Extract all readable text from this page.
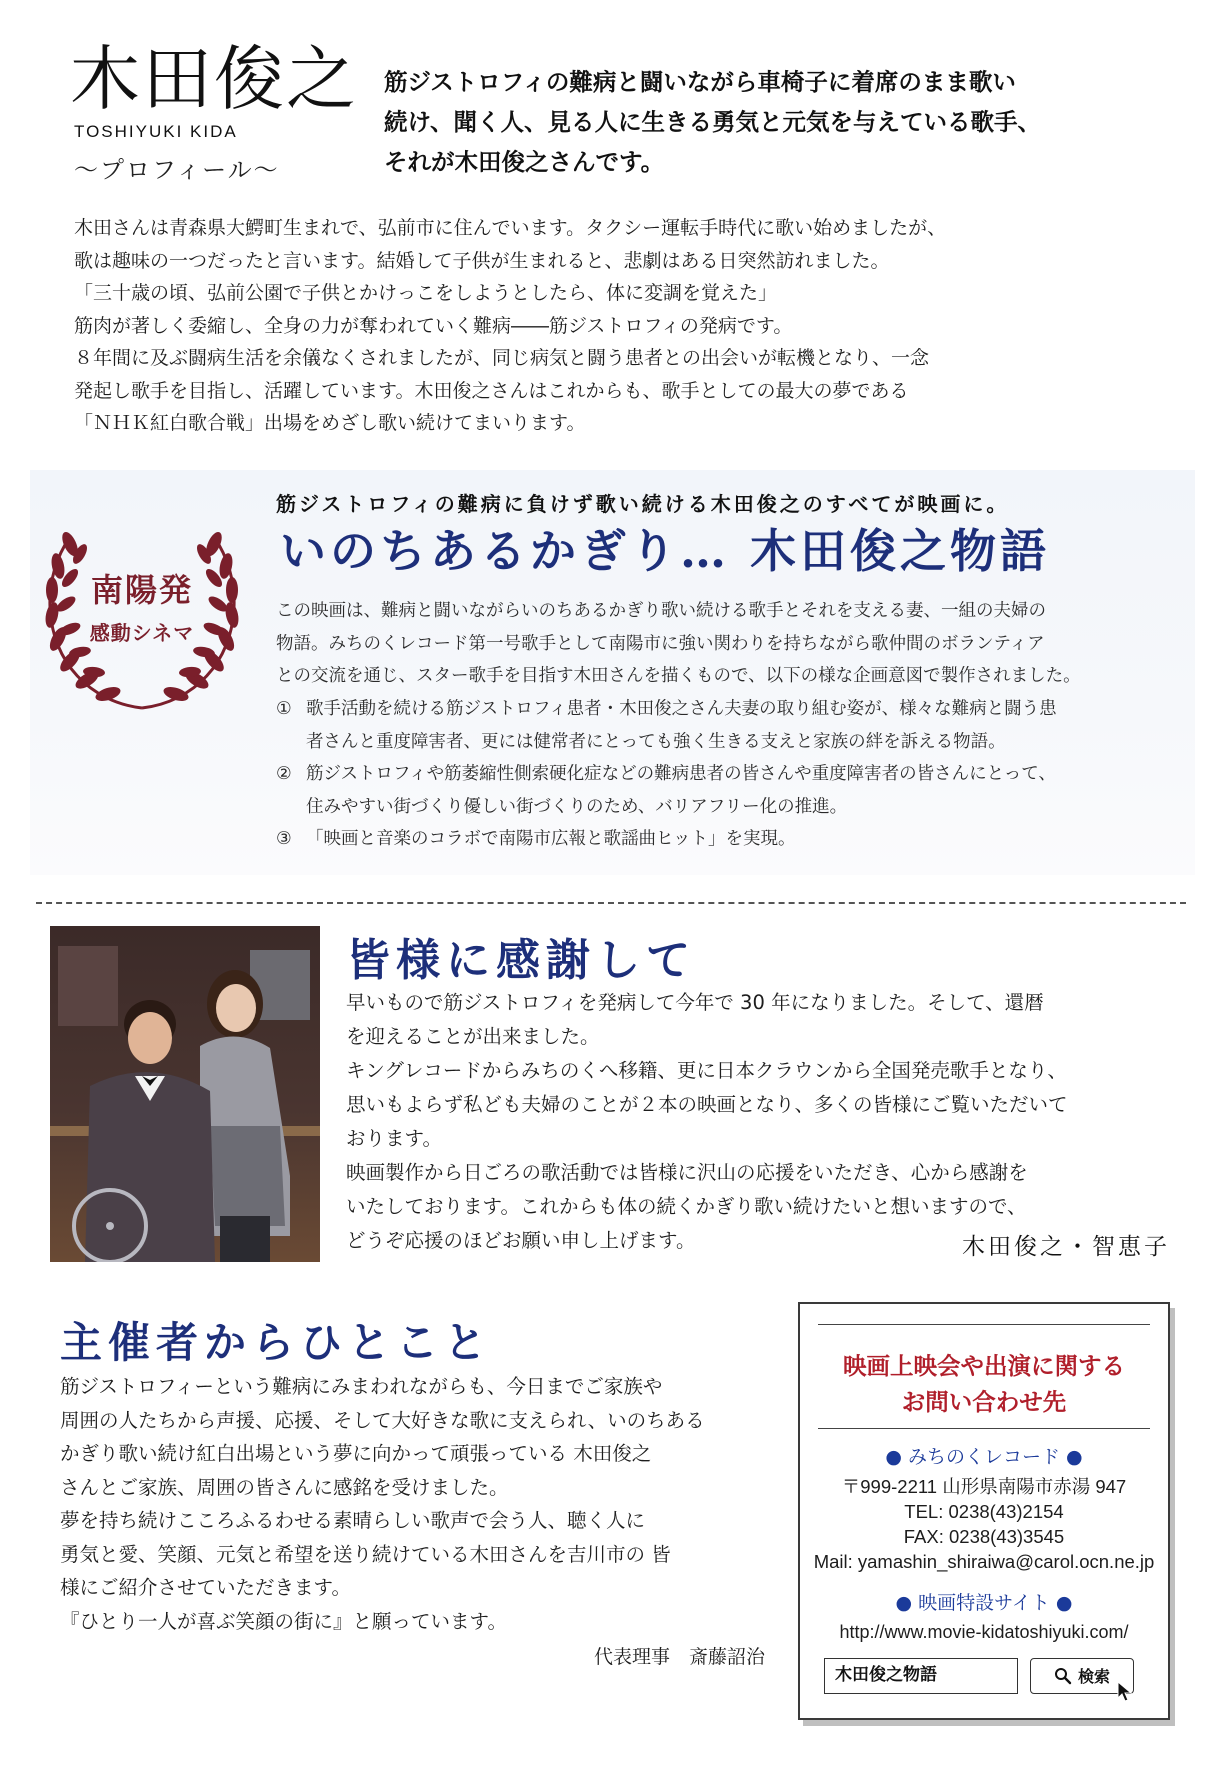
木田俊之
TOSHIYUKI KIDA
〜プロフィール〜

筋ジストロフィの難病と闘いながら車椅子に着席のまま歌い

続け、聞く人、見る人に生きる勇気と元気を与えている歌手、

それが木田俊之さんです。

木田さんは青森県大鰐町生まれで、弘前市に住んでいます。タクシー運転手時代に歌い始めましたが、

歌は趣味の一つだったと言います。結婚して子供が生まれると、悲劇はある日突然訪れました。

「三十歳の頃、弘前公園で子供とかけっこをしようとしたら、体に変調を覚えた」

筋肉が著しく委縮し、全身の力が奪われていく難病――筋ジストロフィの発病です。

８年間に及ぶ闘病生活を余儀なくされましたが、同じ病気と闘う患者との出会いが転機となり、一念

発起し歌手を目指し、活躍しています。木田俊之さんはこれからも、歌手としての最大の夢である

「ＮＨＫ紅白歌合戦」出場をめざし歌い続けてまいります。

筋ジストロフィの難病に負けず歌い続ける木田俊之のすべてが映画に。
いのちあるかぎり… 木田俊之物語
南陽発
感動シネマ

この映画は、難病と闘いながらいのちあるかぎり歌い続ける歌手とそれを支える妻、一組の夫婦の

物語。みちのくレコード第一号歌手として南陽市に強い関わりを持ちながら歌仲間のボランティア

との交流を通じ、スター歌手を目指す木田さんを描くもので、以下の様な企画意図で製作されました。

① 歌手活動を続ける筋ジストロフィ患者・木田俊之さん夫妻の取り組む姿が、様々な難病と闘う患

者さんと重度障害者、更には健常者にとっても強く生きる支えと家族の絆を訴える物語。

② 筋ジストロフィや筋萎縮性側索硬化症などの難病患者の皆さんや重度障害者の皆さんにとって、

住みやすい街づくり優しい街づくりのため、バリアフリー化の推進。

③ 「映画と音楽のコラボで南陽市広報と歌謡曲ヒット」を実現。

皆様に感謝して

早いもので筋ジストロフィを発病して今年で 30 年になりました。そして、還暦

を迎えることが出来ました。

キングレコードからみちのくへ移籍、更に日本クラウンから全国発売歌手となり、

思いもよらず私ども夫婦のことが２本の映画となり、多くの皆様にご覧いただいて

おります。

映画製作から日ごろの歌活動では皆様に沢山の応援をいただき、心から感謝を

いたしております。これからも体の続くかぎり歌い続けたいと想いますので、

どうぞ応援のほどお願い申し上げます。	木田俊之・智恵子
主催者からひとこと

筋ジストロフィーという難病にみまわれながらも、今日までご家族や

周囲の人たちから声援、応援、そして大好きな歌に支えられ、いのちある

かぎり歌い続け紅白出場という夢に向かって頑張っている 木田俊之

さんとご家族、周囲の皆さんに感銘を受けました。

夢を持ち続けこころふるわせる素晴らしい歌声で会う人、聴く人に

勇気と愛、笑顔、元気と希望を送り続けている木田さんを吉川市の 皆

様にご紹介させていただきます。

『ひとり一人が喜ぶ笑顔の街に』と願っています。

代表理事　斎藤詔治

映画上映会や出演に関する

お問い合わせ先

● みちのくレコード ●

〒999-2211 山形県南陽市赤湯 947

TEL: 0238(43)2154

FAX: 0238(43)3545

Mail: yamashin_shiraiwa@carol.ocn.ne.jp

● 映画特設サイト ●
http://www.movie-kidatoshiyuki.com/
木田俊之物語	検索
